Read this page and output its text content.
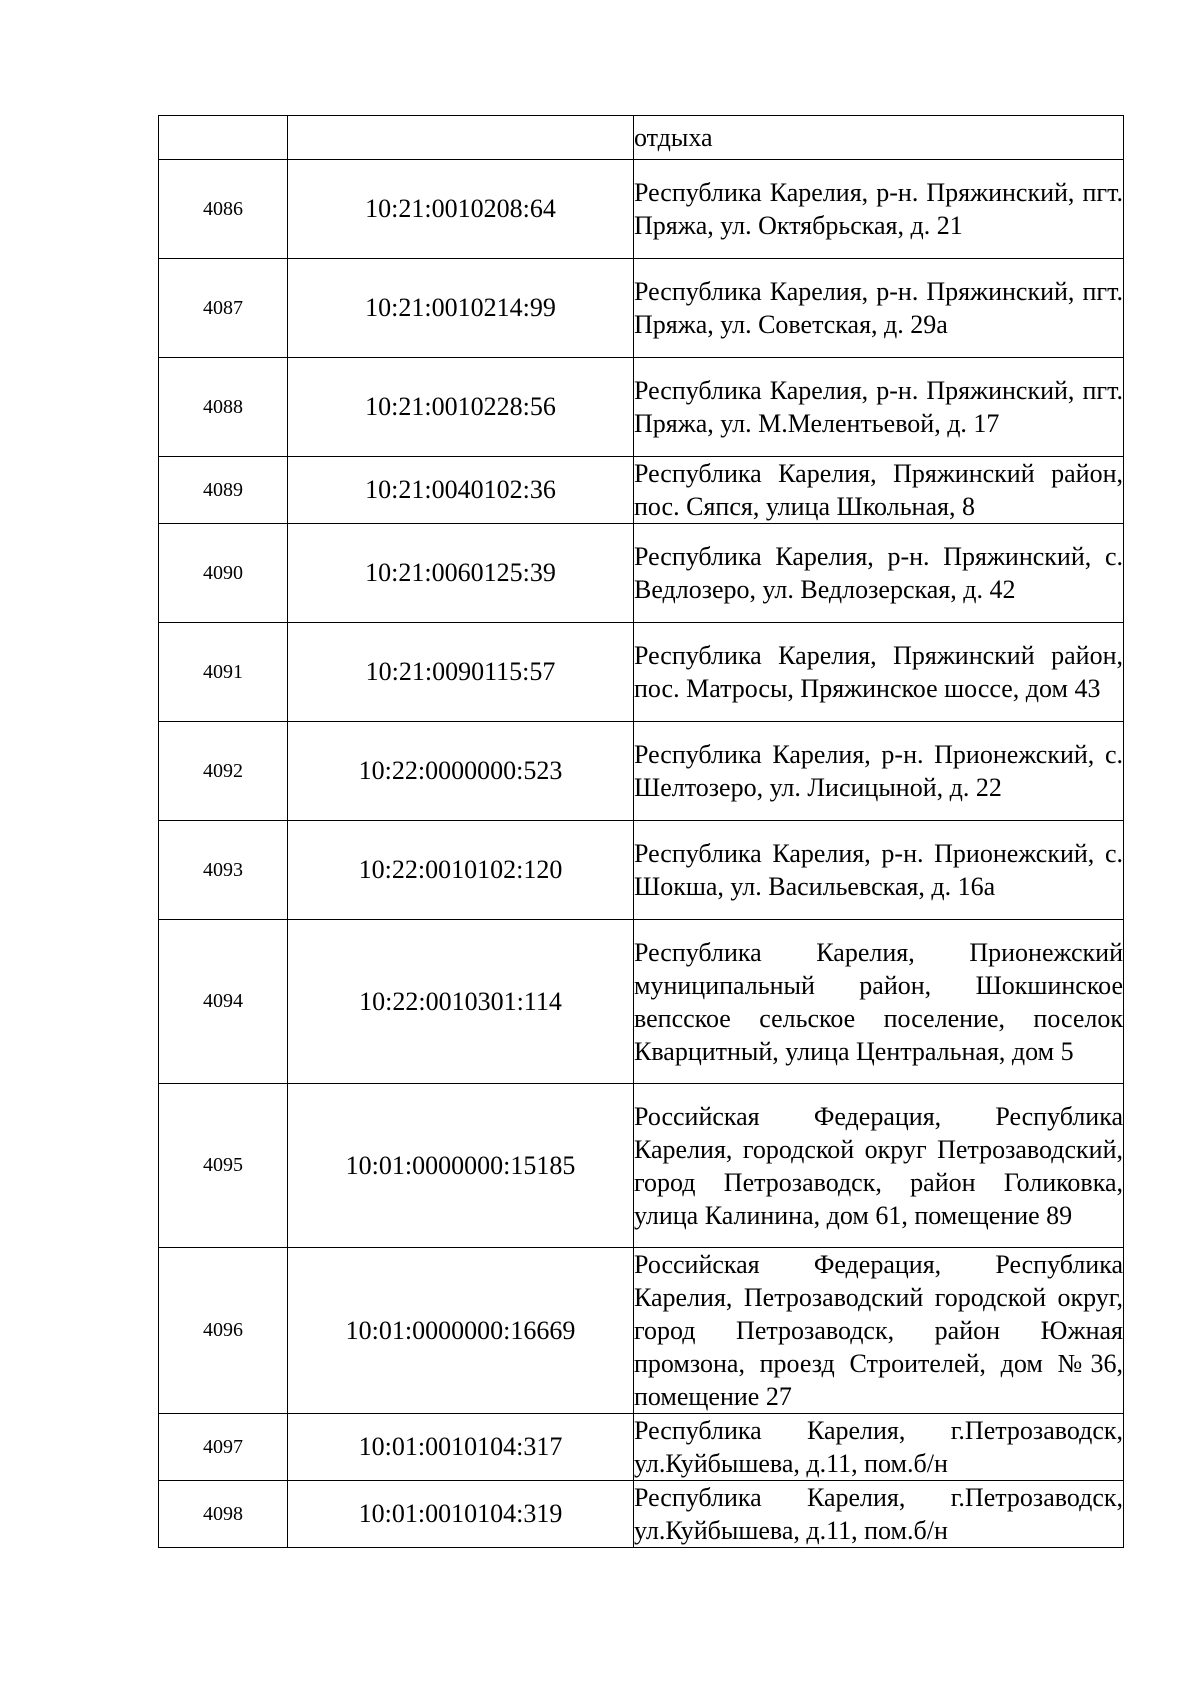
		отдыха
4086	10:21:0010208:64	Республика Карелия, р-н. Пряжинский, пгт. Пряжа, ул. Октябрьская, д. 21
4087	10:21:0010214:99	Республика Карелия, р-н. Пряжинский, пгт. Пряжа, ул. Советская, д. 29а
4088	10:21:0010228:56	Республика Карелия, р-н. Пряжинский, пгт. Пряжа, ул. М.Мелентьевой, д. 17
4089	10:21:0040102:36	Республика Карелия, Пряжинский район, пос. Сяпся, улица Школьная, 8
4090	10:21:0060125:39	Республика Карелия, р-н. Пряжинский, с. Ведлозеро, ул. Ведлозерская, д. 42
4091	10:21:0090115:57	Республика Карелия, Пряжинский район, пос. Матросы, Пряжинское шоссе, дом 43
4092	10:22:0000000:523	Республика Карелия, р-н. Прионежский, с. Шелтозеро, ул. Лисицыной, д. 22
4093	10:22:0010102:120	Республика Карелия, р-н. Прионежский, с. Шокша, ул. Васильевская, д. 16а
4094	10:22:0010301:114	Республика Карелия, Прионежский муниципальный район, Шокшинское вепсское сельское поселение, поселок Кварцитный, улица Центральная, дом 5
4095	10:01:0000000:15185	Российская Федерация, Республика Карелия, городской округ Петрозаводский, город Петрозаводск, район Голиковка, улица Калинина, дом 61, помещение 89
4096	10:01:0000000:16669	Российская Федерация, Республика Карелия, Петрозаводский городской округ, город Петрозаводск, район Южная промзона, проезд Строителей, дом №36, помещение 27
4097	10:01:0010104:317	Республика Карелия, г.Петрозаводск, ул.Куйбышева, д.11, пом.б/н
4098	10:01:0010104:319	Республика Карелия, г.Петрозаводск, ул.Куйбышева, д.11, пом.б/н
